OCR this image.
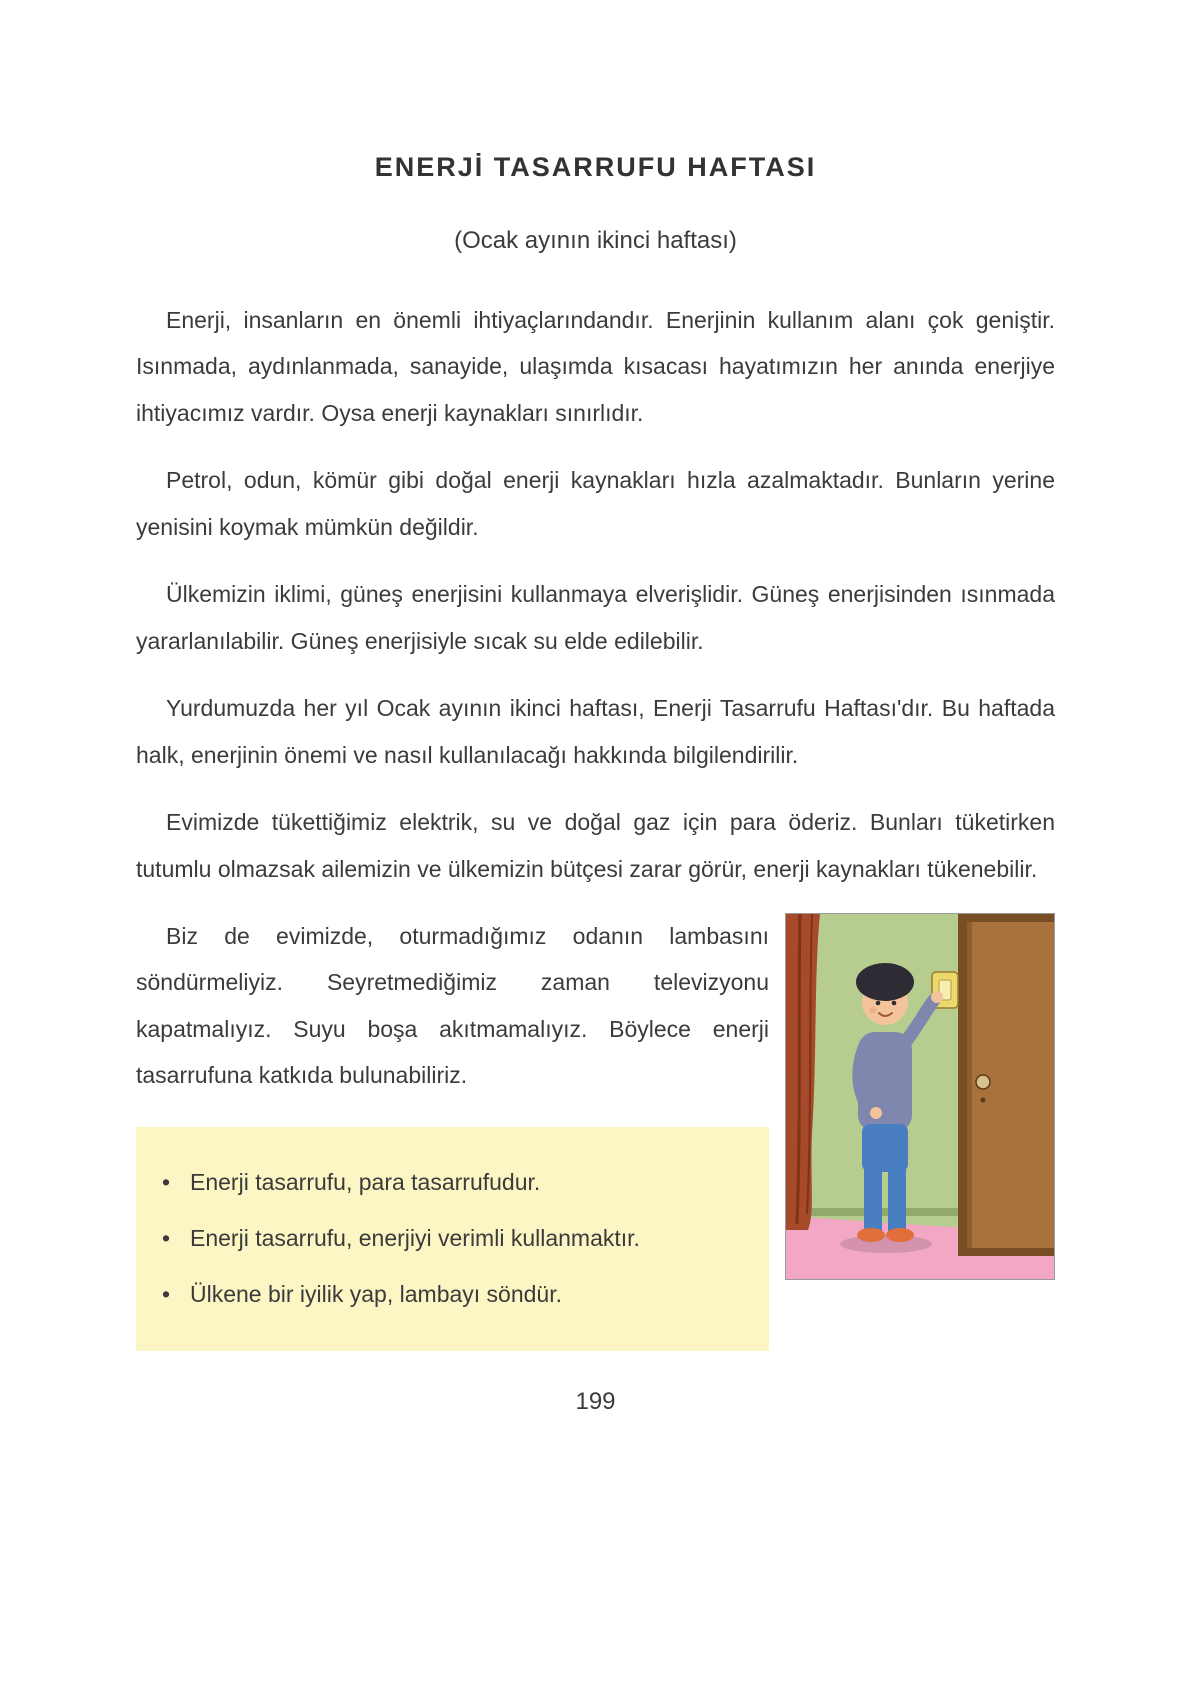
ENERJİ TASARRUFU HAFTASI
(Ocak ayının ikinci haftası)

Enerji, insanların en önemli ihtiyaçlarındandır. Enerjinin kullanım alanı çok geniştir. Isınmada, aydınlanmada, sanayide, ulaşımda kısacası hayatımızın her anında enerjiye ihtiyacımız vardır. Oysa enerji kaynakları sınırlıdır.

Petrol, odun, kömür gibi doğal enerji kaynakları hızla azalmaktadır. Bunların yerine yenisini koymak mümkün değildir.

Ülkemizin iklimi, güneş enerjisini kullanmaya elverişlidir. Güneş enerjisinden ısınmada yararlanılabilir. Güneş enerjisiyle sıcak su elde edilebilir.

Yurdumuzda her yıl Ocak ayının ikinci haftası, Enerji Tasarrufu Haftası'dır. Bu haftada halk, enerjinin önemi ve nasıl kullanılacağı hakkında bilgilendirilir.

Evimizde tükettiğimiz elektrik, su ve doğal gaz için para öderiz. Bunları tüketirken tutumlu olmazsak ailemizin ve ülkemizin bütçesi zarar görür, enerji kaynakları tükenebilir.

Biz de evimizde, oturmadığımız odanın lambasını söndürmeliyiz. Seyretmediğimiz zaman televizyonu kapatmalıyız. Suyu boşa akıtmamalıyız. Böylece enerji tasarrufuna katkıda bulunabiliriz.

• Enerji tasarrufu, para tasarrufudur.
• Enerji tasarrufu, enerjiyi verimli kullanmaktır.
• Ülkene bir iyilik yap, lambayı söndür.
199
